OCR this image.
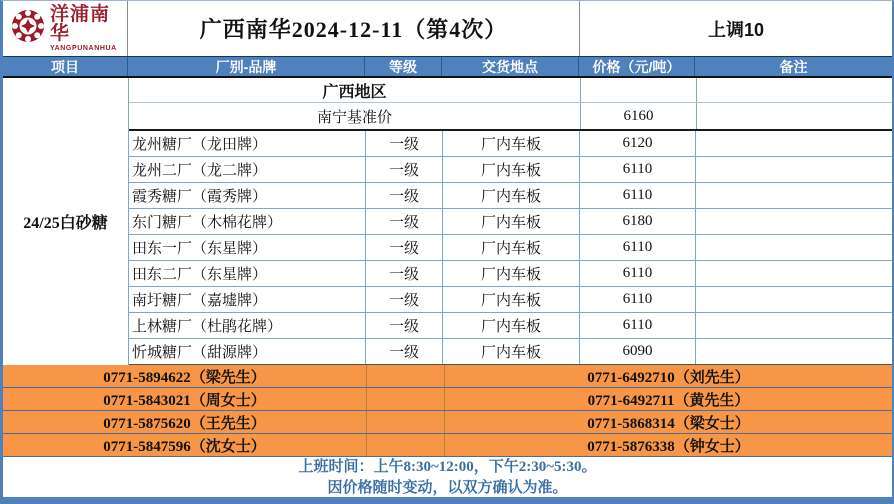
洋浦南华
YANGPUNANHUA
广西南华2024-12-11（第4次）	上调10
项目	厂别-品牌	等级	交货地点	价格（元/吨）	备注
24/25白砂糖
广西地区
南宁基准价	6160
龙州糖厂（龙田牌）	一级	厂内车板	6120
龙州二厂（龙二牌）	一级	厂内车板	6110
霞秀糖厂（霞秀牌）	一级	厂内车板	6110
东门糖厂（木棉花牌）	一级	厂内车板	6180
田东一厂（东星牌）	一级	厂内车板	6110
田东二厂（东星牌）	一级	厂内车板	6110
南圩糖厂（嘉墟牌）	一级	厂内车板	6110
上林糖厂（杜鹃花牌）	一级	厂内车板	6110
忻城糖厂（甜源牌）	一级	厂内车板	6090
0771-5894622（梁先生）	0771-6492710（刘先生）
0771-5843021（周女士）	0771-6492711（黄先生）
0771-5875620（王先生）	0771-5868314（梁女士）
0771-5847596（沈女士）	0771-5876338（钟女士）
上班时间：上午8:30~12:00，下午2:30~5:30。
因价格随时变动，以双方确认为准。
